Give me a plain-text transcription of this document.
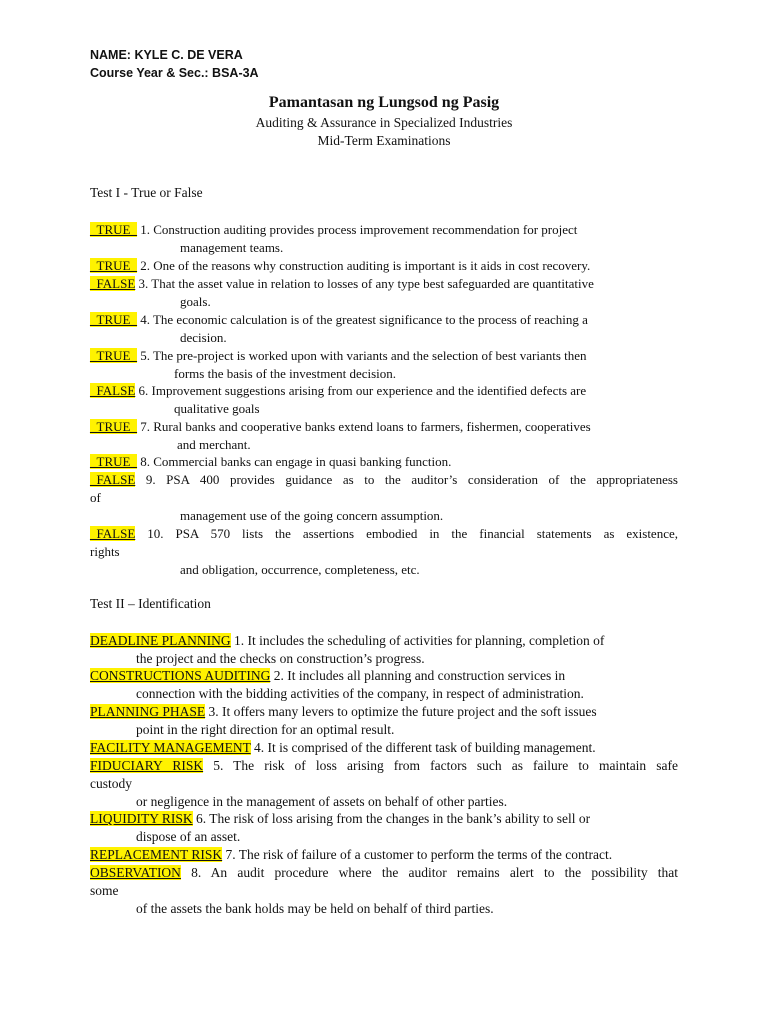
NAME: KYLE C. DE VERA
Course Year & Sec.: BSA-3A
Pamantasan ng Lungsod ng Pasig
Auditing & Assurance in Specialized Industries
Mid-Term Examinations
Test I - True or False
_TRUE_ 1. Construction auditing provides process improvement recommendation for project
management teams.
_TRUE_ 2. One of the reasons why construction auditing is important is it aids in cost recovery.
_FALSE 3. That the asset value in relation to losses of any type best safeguarded are quantitative
goals.
_TRUE_ 4. The economic calculation is of the greatest significance to the process of reaching a
decision.
_TRUE_ 5. The pre-project is worked upon with variants and the selection of best variants then
forms the basis of the investment decision.
_FALSE 6. Improvement suggestions arising from our experience and the identified defects are
qualitative goals
_TRUE_ 7. Rural banks and cooperative banks extend loans to farmers, fishermen, cooperatives
and merchant.
_TRUE_ 8. Commercial banks can engage in quasi banking function.
_FALSE 9. PSA 400 provides guidance as to the auditor’s consideration of the appropriateness
of
management use of the going concern assumption.
_FALSE 10. PSA 570 lists the assertions embodied in the financial statements as existence,
rights
and obligation, occurrence, completeness, etc.
Test II – Identification
DEADLINE PLANNING 1. It includes the scheduling of activities for planning, completion of
the project and the checks on construction’s progress.
CONSTRUCTIONS AUDITING 2. It includes all planning and construction services in
connection with the bidding activities of the company, in respect of administration.
PLANNING PHASE 3. It offers many levers to optimize the future project and the soft issues
point in the right direction for an optimal result.
FACILITY MANAGEMENT 4. It is comprised of the different task of building management.
FIDUCIARY RISK 5. The risk of loss arising from factors such as failure to maintain safe
custody
or negligence in the management of assets on behalf of other parties.
LIQUIDITY RISK 6. The risk of loss arising from the changes in the bank’s ability to sell or
dispose of an asset.
REPLACEMENT RISK 7. The risk of failure of a customer to perform the terms of the contract.
OBSERVATION 8. An audit procedure where the auditor remains alert to the possibility that
some
of the assets the bank holds may be held on behalf of third parties.
